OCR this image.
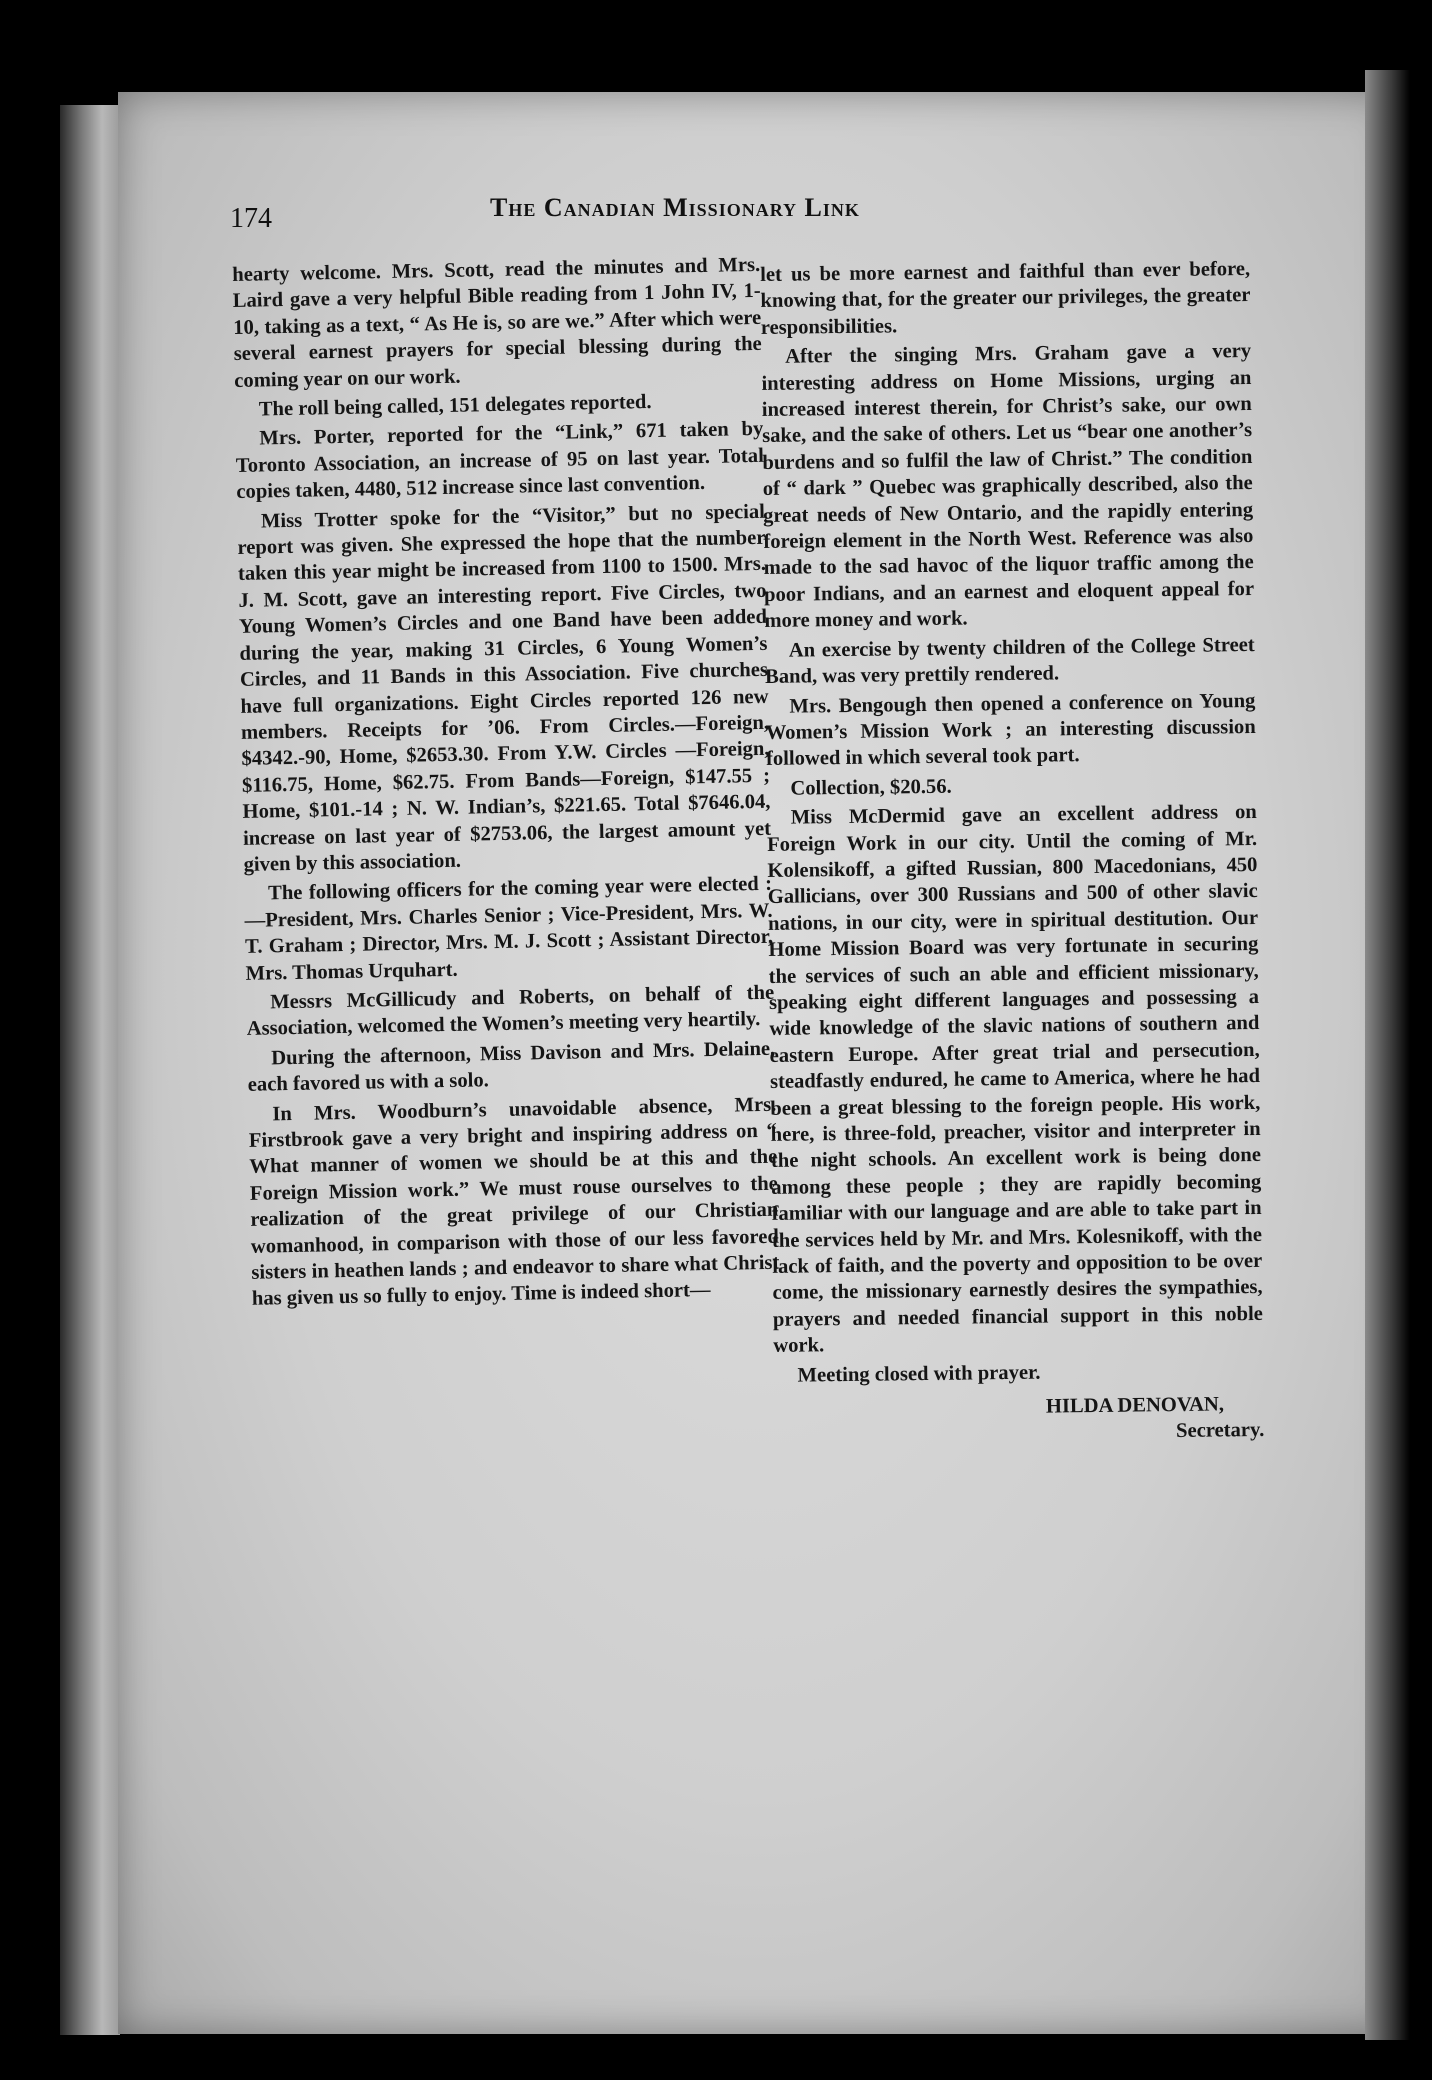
174	The Canadian Missionary Link

hearty welcome. Mrs. Scott, read the minutes and Mrs. Laird gave a very helpful Bible reading from 1 John IV, 1-10, taking as a text, “ As He is, so are we.” After which were several earnest prayers for special blessing during the coming year on our work.

The roll being called, 151 delegates reported.

Mrs. Porter, reported for the “Link,” 671 taken by Toronto Association, an increase of 95 on last year. Total copies taken, 4480, 512 increase since last convention.

Miss Trotter spoke for the “Visitor,” but no special report was given. She expressed the hope that the number taken this year might be increased from 1100 to 1500. Mrs. J. M. Scott, gave an interesting report. Five Circles, two Young Women’s Circles and one Band have been added during the year, making 31 Circles, 6 Young Women’s Circles, and 11 Bands in this Association. Five churches have full organizations. Eight Circles reported 126 new members. Receipts for ’06. From Circles.—Foreign, $4342.-90, Home, $2653.30. From Y.W. Circles —Foreign, $116.75, Home, $62.75. From Bands—Foreign, $147.55 ; Home, $101.-14 ; N. W. Indian’s, $221.65. Total $7646.04, increase on last year of $2753.06, the largest amount yet given by this association.

The following officers for the coming year were elected :—President, Mrs. Charles Senior ; Vice-President, Mrs. W. T. Graham ; Director, Mrs. M. J. Scott ; Assistant Director, Mrs. Thomas Urquhart.

Messrs McGillicudy and Roberts, on behalf of the Association, welcomed the Women’s meeting very heartily.

During the afternoon, Miss Davison and Mrs. Delaine, each favored us with a solo.

In Mrs. Woodburn’s unavoidable absence, Mrs. Firstbrook gave a very bright and inspiring address on “ What manner of women we should be at this and the Foreign Mission work.” We must rouse ourselves to the realization of the great privilege of our Christian womanhood, in comparison with those of our less favored sisters in heathen lands ; and endeavor to share what Christ has given us so fully to enjoy. Time is indeed short—

let us be more earnest and faithful than ever before, knowing that, for the greater our privileges, the greater responsibilities.

After the singing Mrs. Graham gave a very interesting address on Home Missions, urging an increased interest therein, for Christ’s sake, our own sake, and the sake of others. Let us “bear one another’s burdens and so fulfil the law of Christ.” The condition of “ dark ” Quebec was graphically described, also the great needs of New Ontario, and the rapidly entering foreign element in the North West. Reference was also made to the sad havoc of the liquor traffic among the poor Indians, and an earnest and eloquent appeal for more money and work.

An exercise by twenty children of the College Street Band, was very prettily rendered.

Mrs. Bengough then opened a conference on Young Women’s Mission Work ; an interesting discussion followed in which several took part.

Collection, $20.56.

Miss McDermid gave an excellent address on Foreign Work in our city. Until the coming of Mr. Kolensikoff, a gifted Russian, 800 Macedonians, 450 Gallicians, over 300 Russians and 500 of other slavic nations, in our city, were in spiritual destitution. Our Home Mission Board was very fortunate in securing the services of such an able and efficient missionary, speaking eight different languages and possessing a wide knowledge of the slavic nations of southern and eastern Europe. After great trial and persecution, steadfastly endured, he came to America, where he had been a great blessing to the foreign people. His work, here, is three-fold, preacher, visitor and interpreter in the night schools. An excellent work is being done among these people ; they are rapidly becoming familiar with our language and are able to take part in the services held by Mr. and Mrs. Kolesnikoff, with the lack of faith, and the poverty and opposition to be over come, the missionary earnestly desires the sympathies, prayers and needed financial support in this noble work.

Meeting closed with prayer.

HILDA DENOVAN,
Secretary.
